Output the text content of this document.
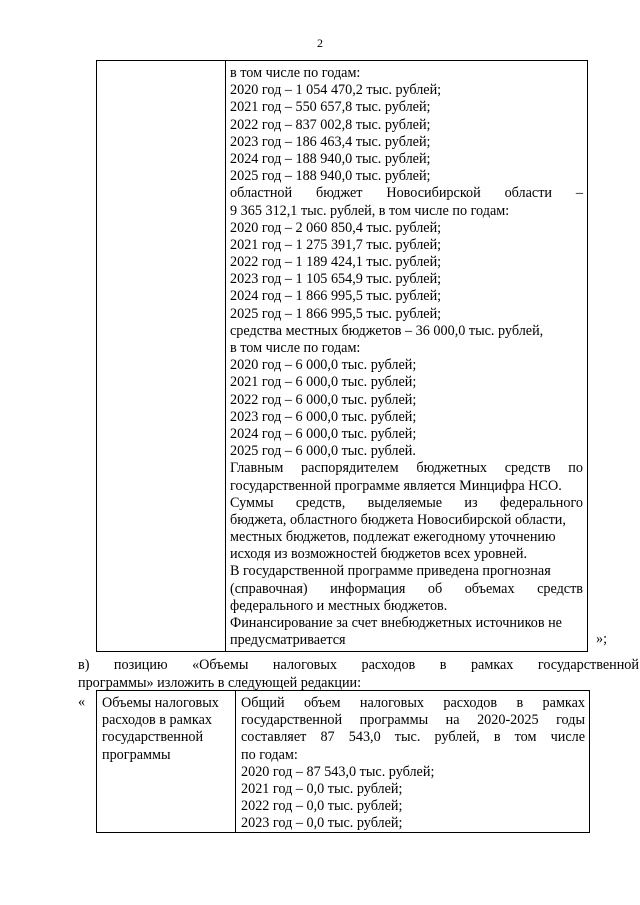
2
в том числе по годам:
2020 год – 1 054 470,2 тыс. рублей;
2021 год – 550 657,8 тыс. рублей;
2022 год – 837 002,8 тыс. рублей;
2023 год – 186 463,4 тыс. рублей;
2024 год – 188 940,0 тыс. рублей;
2025 год – 188 940,0 тыс. рублей;
областной бюджет Новосибирской области –
9 365 312,1 тыс. рублей, в том числе по годам:
2020 год – 2 060 850,4 тыс. рублей;
2021 год – 1 275 391,7 тыс. рублей;
2022 год – 1 189 424,1 тыс. рублей;
2023 год – 1 105 654,9 тыс. рублей;
2024 год – 1 866 995,5 тыс. рублей;
2025 год – 1 866 995,5 тыс. рублей;
средства местных бюджетов – 36 000,0 тыс. рублей,
в том числе по годам:
2020 год – 6 000,0 тыс. рублей;
2021 год – 6 000,0 тыс. рублей;
2022 год – 6 000,0 тыс. рублей;
2023 год – 6 000,0 тыс. рублей;
2024 год – 6 000,0 тыс. рублей;
2025 год – 6 000,0 тыс. рублей.
Главным распорядителем бюджетных средств по
государственной программе является Минцифра НСО.
Суммы средств, выделяемые из федерального
бюджета, областного бюджета Новосибирской области,
местных бюджетов, подлежат ежегодному уточнению
исходя из возможностей бюджетов всех уровней.
В государственной программе приведена прогнозная
(справочная) информация об объемах средств
федерального и местных бюджетов.
Финансирование за счет внебюджетных источников не
предусматривается	»;
в) позицию «Объемы налоговых расходов в рамках государственной
программы» изложить в следующей редакции:
« Объемы налоговых
расходов в рамках
государственной
программы
Общий объем налоговых расходов в рамках
государственной программы на 2020-2025 годы
составляет 87 543,0 тыс. рублей, в том числе
по годам:
2020 год – 87 543,0 тыс. рублей;
2021 год – 0,0 тыс. рублей;
2022 год – 0,0 тыс. рублей;
2023 год – 0,0 тыс. рублей;
